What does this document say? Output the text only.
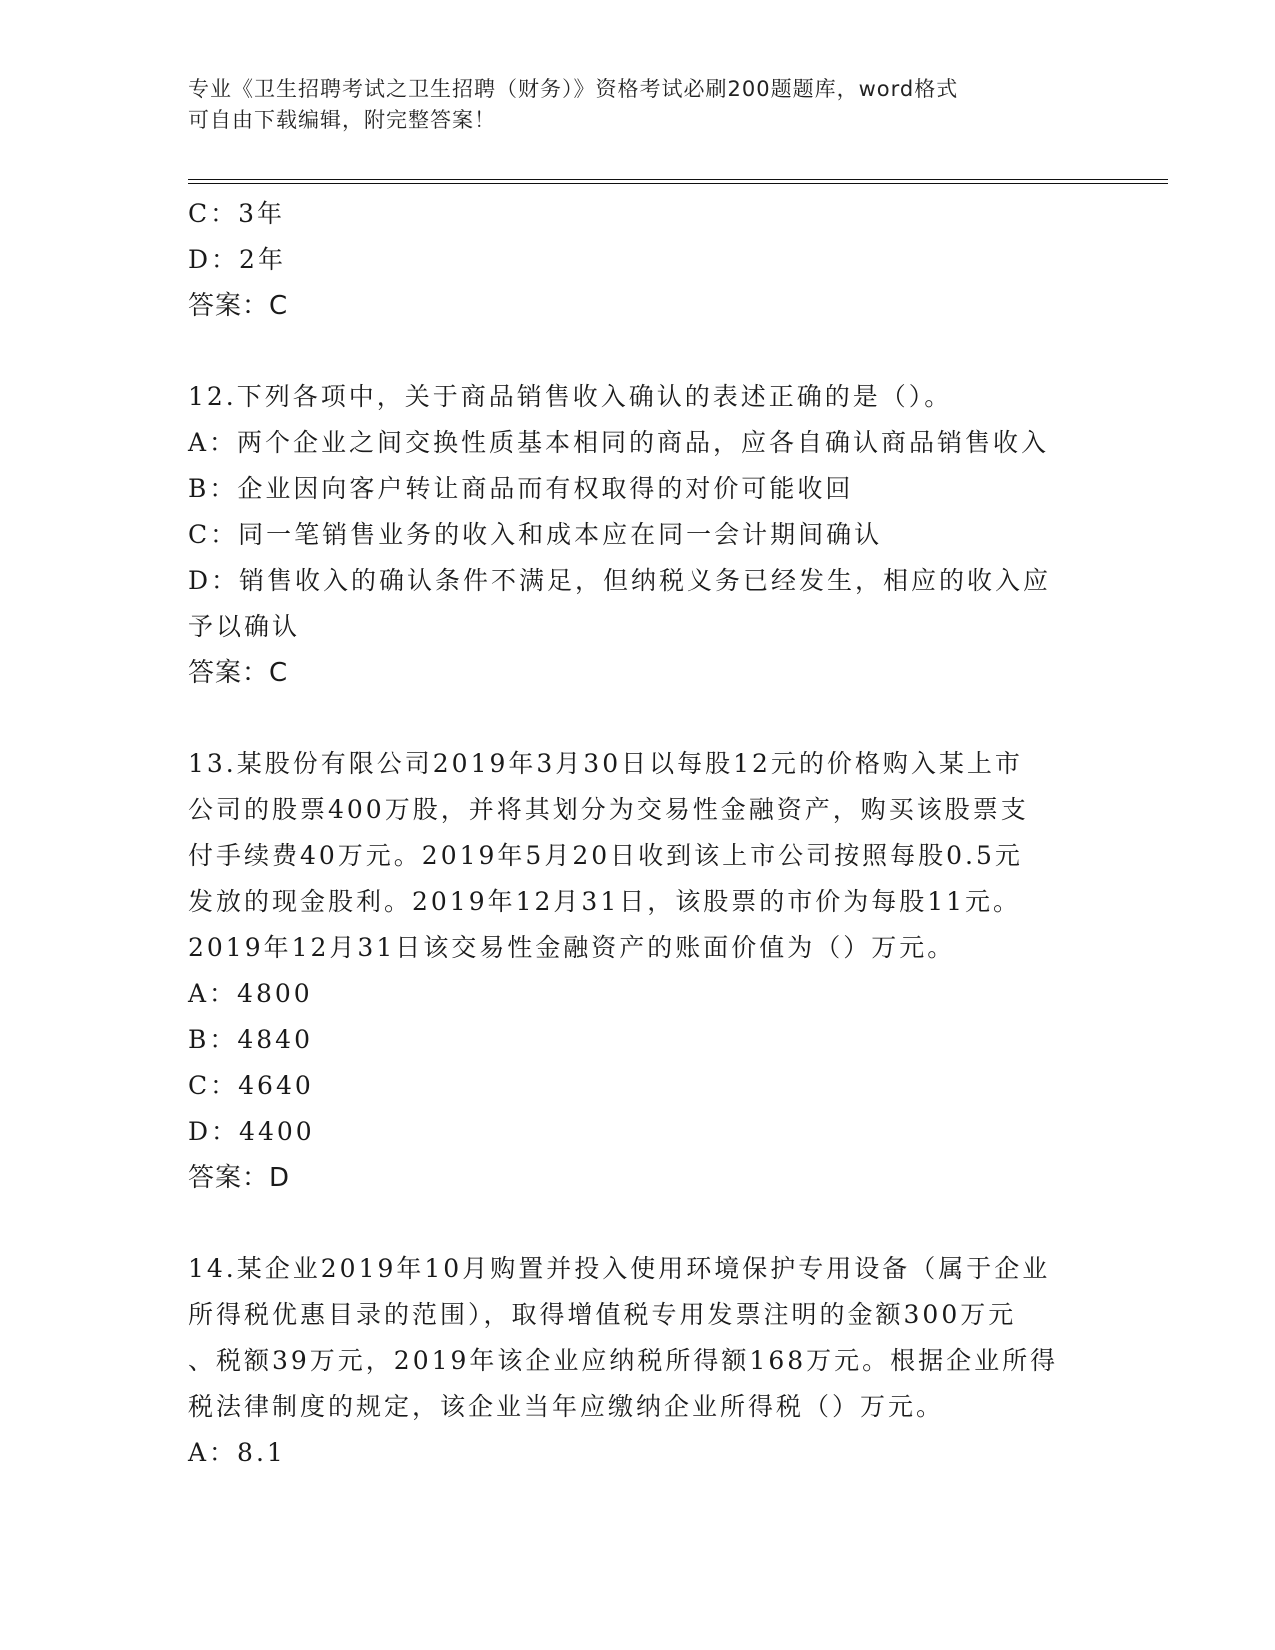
专业《卫生招聘考试之卫生招聘（财务）》资格考试必刷200题题库，word格式
可自由下载编辑，附完整答案！
C：3年
D：2年
答案：C
12.下列各项中，关于商品销售收入确认的表述正确的是（）。
A：两个企业之间交换性质基本相同的商品，应各自确认商品销售收入
B：企业因向客户转让商品而有权取得的对价可能收回
C：同一笔销售业务的收入和成本应在同一会计期间确认
D：销售收入的确认条件不满足，但纳税义务已经发生，相应的收入应
予以确认
答案：C
13.某股份有限公司2019年3月30日以每股12元的价格购入某上市
公司的股票400万股，并将其划分为交易性金融资产，购买该股票支
付手续费40万元。2019年5月20日收到该上市公司按照每股0.5元
发放的现金股利。2019年12月31日，该股票的市价为每股11元。
2019年12月31日该交易性金融资产的账面价值为（）万元。
A：4800
B：4840
C：4640
D：4400
答案：D
14.某企业2019年10月购置并投入使用环境保护专用设备（属于企业
所得税优惠目录的范围），取得增值税专用发票注明的金额300万元
、税额39万元，2019年该企业应纳税所得额168万元。根据企业所得
税法律制度的规定，该企业当年应缴纳企业所得税（）万元。
A：8.1
